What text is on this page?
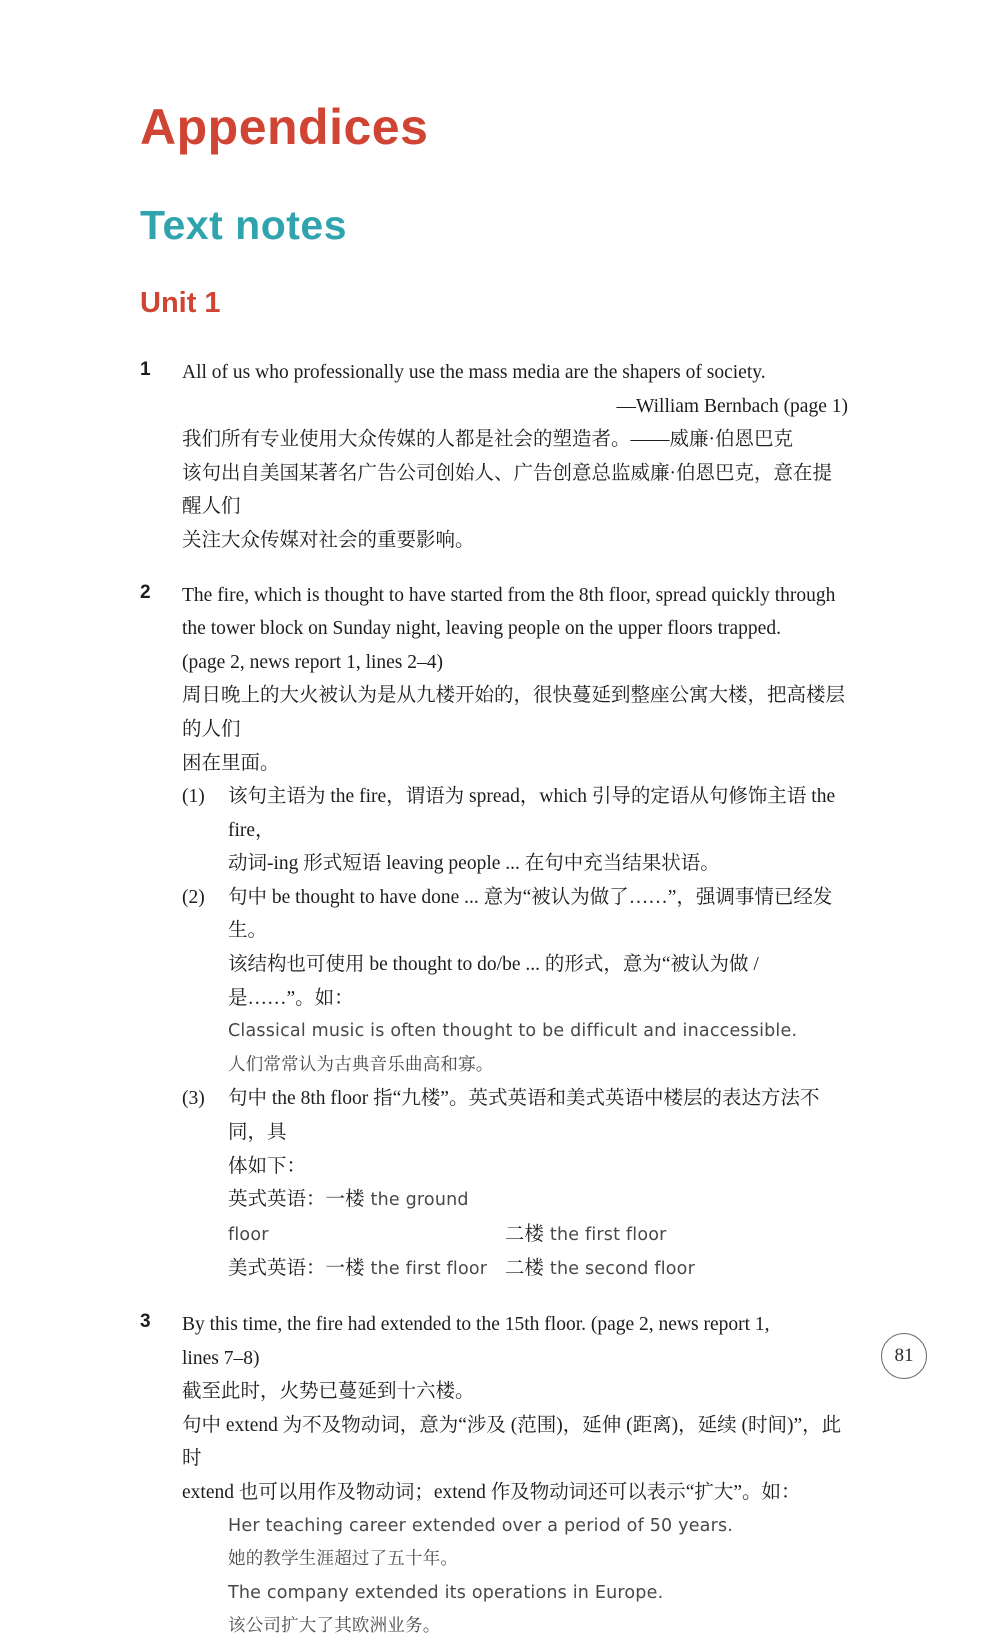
Appendices
Text notes
Unit 1
1	All of us who professionally use the mass media are the shapers of society.
—William Bernbach (page 1)
我们所有专业使用大众传媒的人都是社会的塑造者。——威廉·伯恩巴克
该句出自美国某著名广告公司创始人、广告创意总监威廉·伯恩巴克，意在提醒人们
关注大众传媒对社会的重要影响。
2	The fire, which is thought to have started from the 8th floor, spread quickly through
the tower block on Sunday night, leaving people on the upper floors trapped.
(page 2, news report 1, lines 2–4)
周日晚上的大火被认为是从九楼开始的，很快蔓延到整座公寓大楼，把高楼层的人们
困在里面。
(1)	该句主语为 the fire，谓语为 spread，which 引导的定语从句修饰主语 the fire，
动词-ing 形式短语 leaving people ... 在句中充当结果状语。
(2)	句中 be thought to have done ... 意为“被认为做了……”，强调事情已经发生。
该结构也可使用 be thought to do/be ... 的形式，意为“被认为做 / 是……”。如：
Classical music is often thought to be difficult and inaccessible.
人们常常认为古典音乐曲高和寡。
(3)	句中 the 8th floor 指“九楼”。英式英语和美式英语中楼层的表达方法不同，具
体如下：
英式英语：一楼 the ground floor	二楼 the first floor
美式英语：一楼 the first floor 二楼 the second floor
3	By this time, the fire had extended to the 15th floor. (page 2, news report 1,
lines 7–8)
截至此时，火势已蔓延到十六楼。
句中 extend 为不及物动词，意为“涉及 (范围)，延伸 (距离)，延续 (时间)”，此时
extend 也可以用作及物动词；extend 作及物动词还可以表示“扩大”。如：
Her teaching career extended over a period of 50 years.
她的教学生涯超过了五十年。
The company extended its operations in Europe.
该公司扩大了其欧洲业务。
81
